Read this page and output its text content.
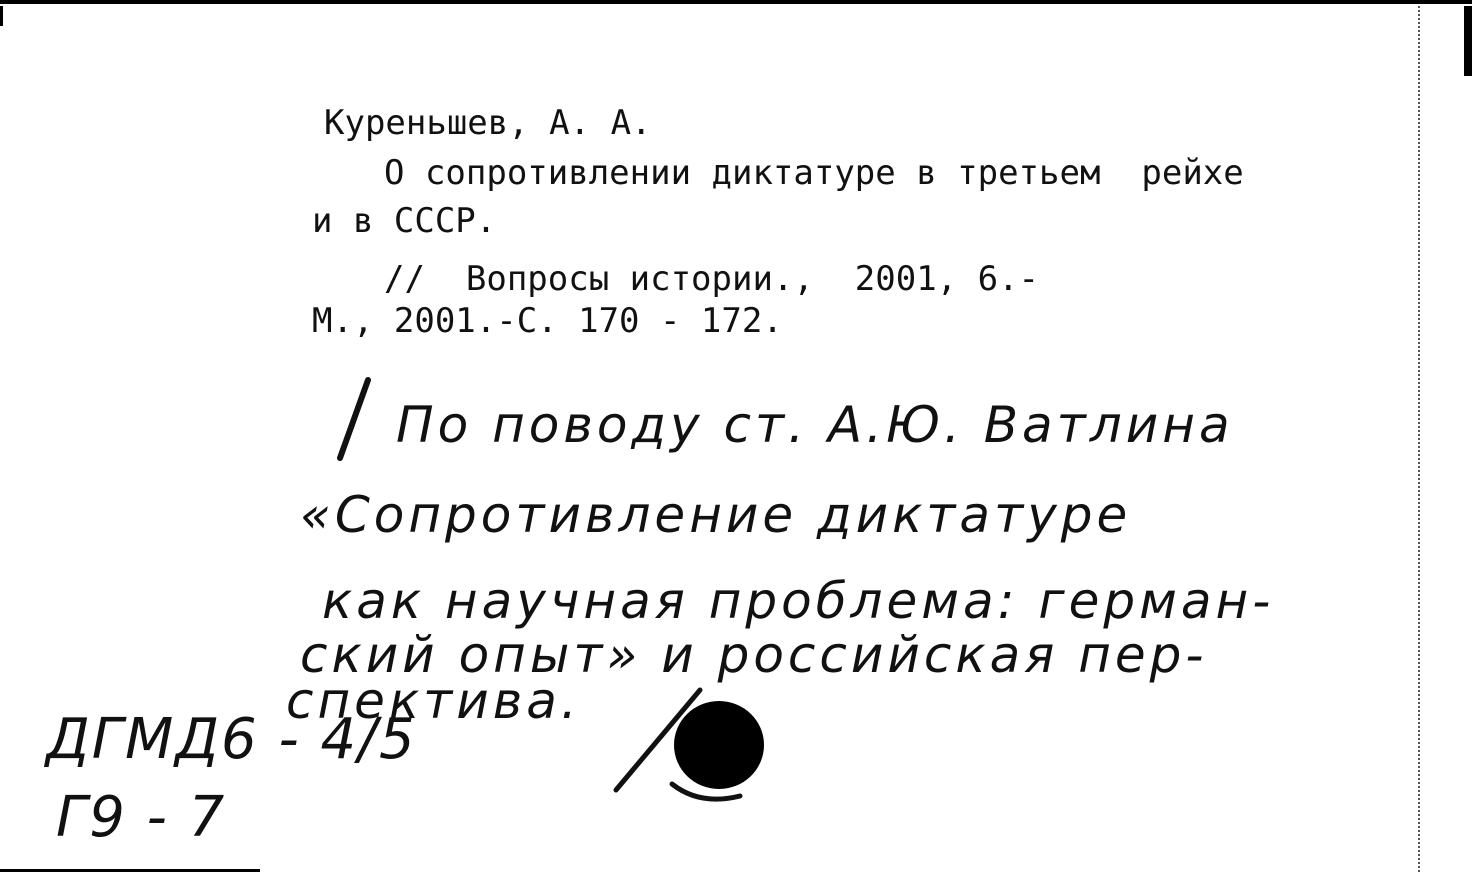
Куреньшев, А. А.
О сопротивлении диктатуре в третьем  рейхе
и в СССР.
//  Вопросы истории.,  2001, 6.-
М., 2001.-С. 170 - 172.
По поводу ст. А.Ю. Ватлина
«Сопротивление диктатуре
как научная проблема: герман-
ский опыт» и российская пер-
спектива.
ДГМД6 - 4/5
Г9 - 7
